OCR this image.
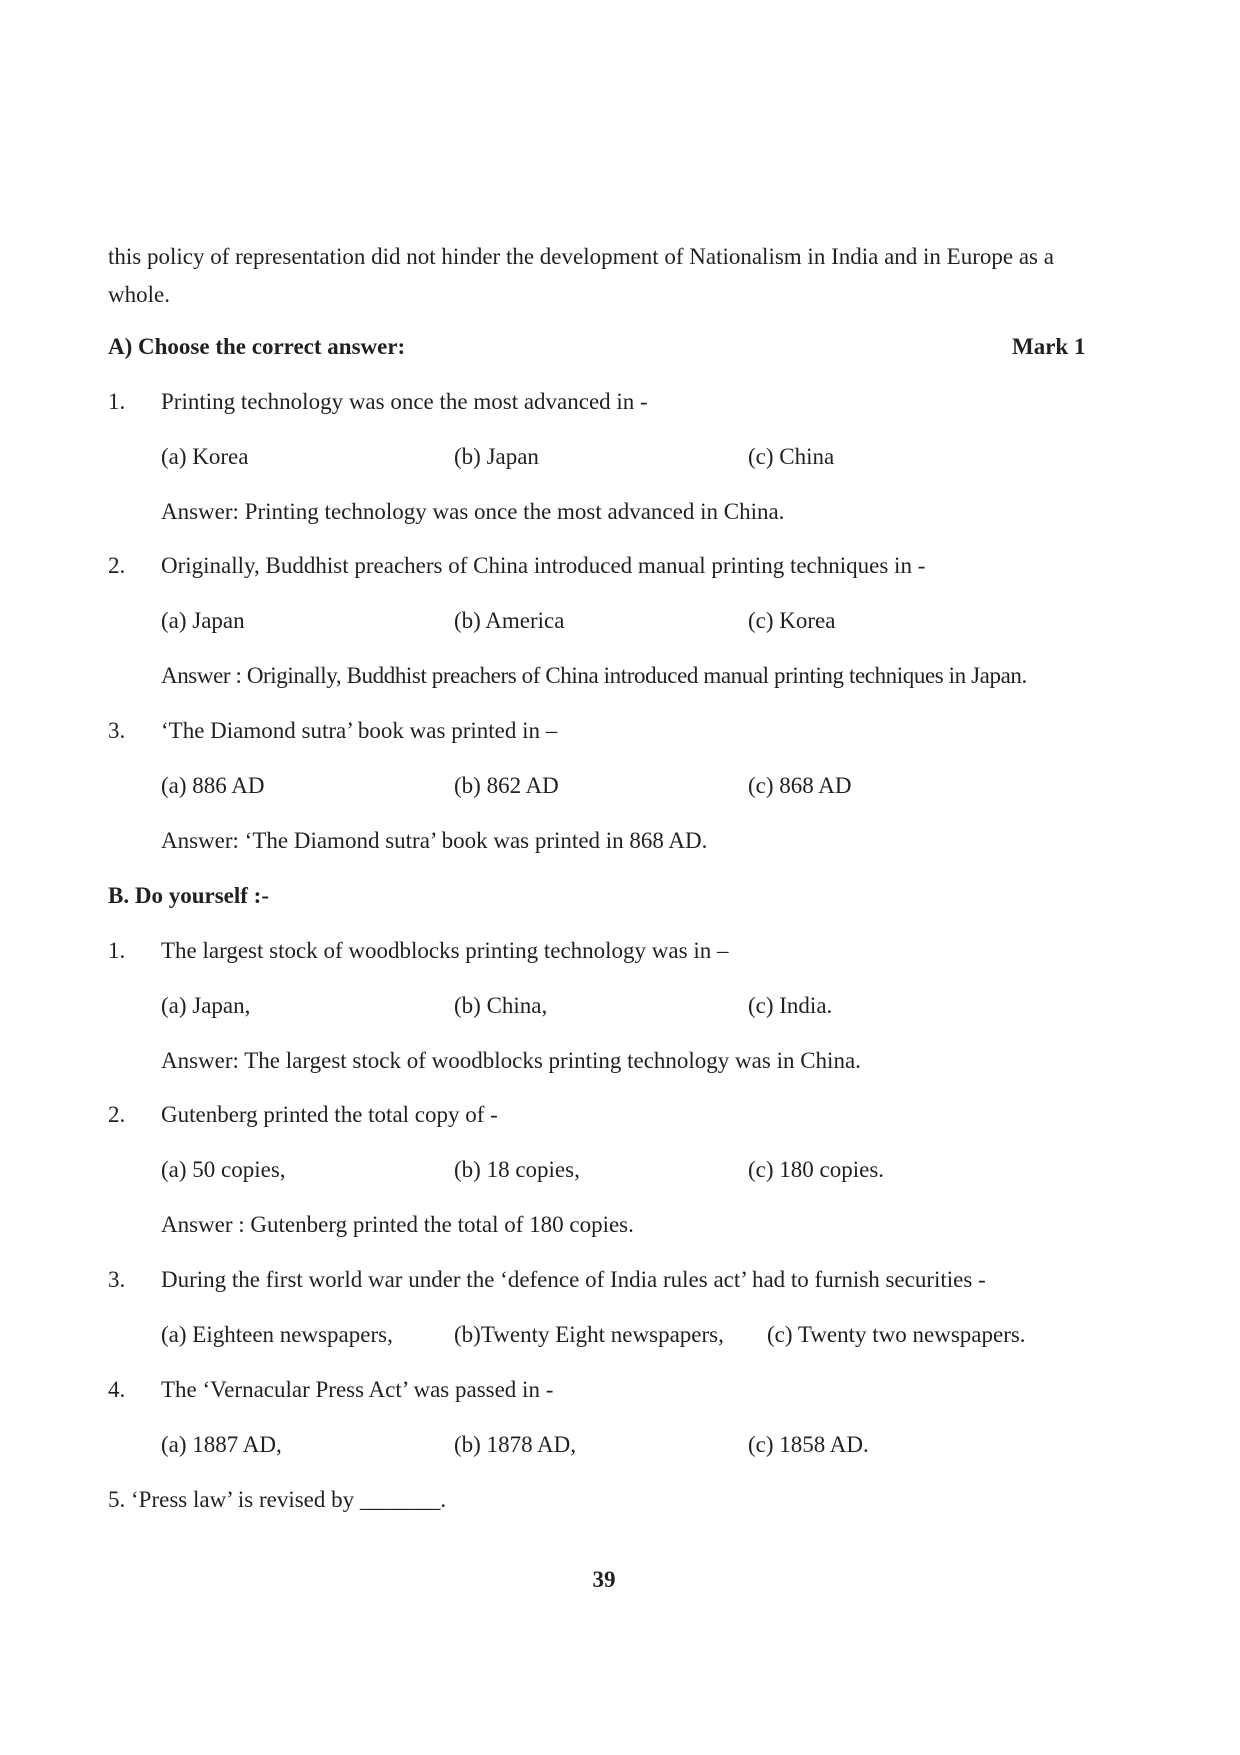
this policy of representation did not hinder the development of Nationalism in India and in Europe as a whole.
A) Choose the correct answer:	Mark 1
1. Printing technology was once the most advanced in -
(a) Korea	(b) Japan	(c) China
Answer: Printing technology was once the most advanced in China.
2. Originally, Buddhist preachers of China introduced manual printing techniques in -
(a) Japan	(b) America	(c) Korea
Answer : Originally, Buddhist preachers of China introduced manual printing techniques in Japan.
3. ‘The Diamond sutra’ book was printed in –
(a) 886 AD	(b) 862 AD	(c) 868 AD
Answer: ‘The Diamond sutra’ book was printed in 868 AD.
B. Do yourself :-
1. The largest stock of woodblocks printing technology was in –
(a) Japan,	(b) China,	(c) India.
Answer: The largest stock of woodblocks printing technology was in China.
2. Gutenberg printed the total copy of -
(a) 50 copies,	(b) 18 copies,	(c) 180 copies.
Answer : Gutenberg printed the total of 180 copies.
3. During the first world war under the ‘defence of India rules act’ had to furnish securities -
(a) Eighteen newspapers,	(b)Twenty Eight newspapers, (c) Twenty two newspapers.
4. The ‘Vernacular Press Act’ was passed in -
(a) 1887 AD,	(b) 1878 AD,	(c) 1858 AD.
5. ‘Press law’ is revised by _______.
39
